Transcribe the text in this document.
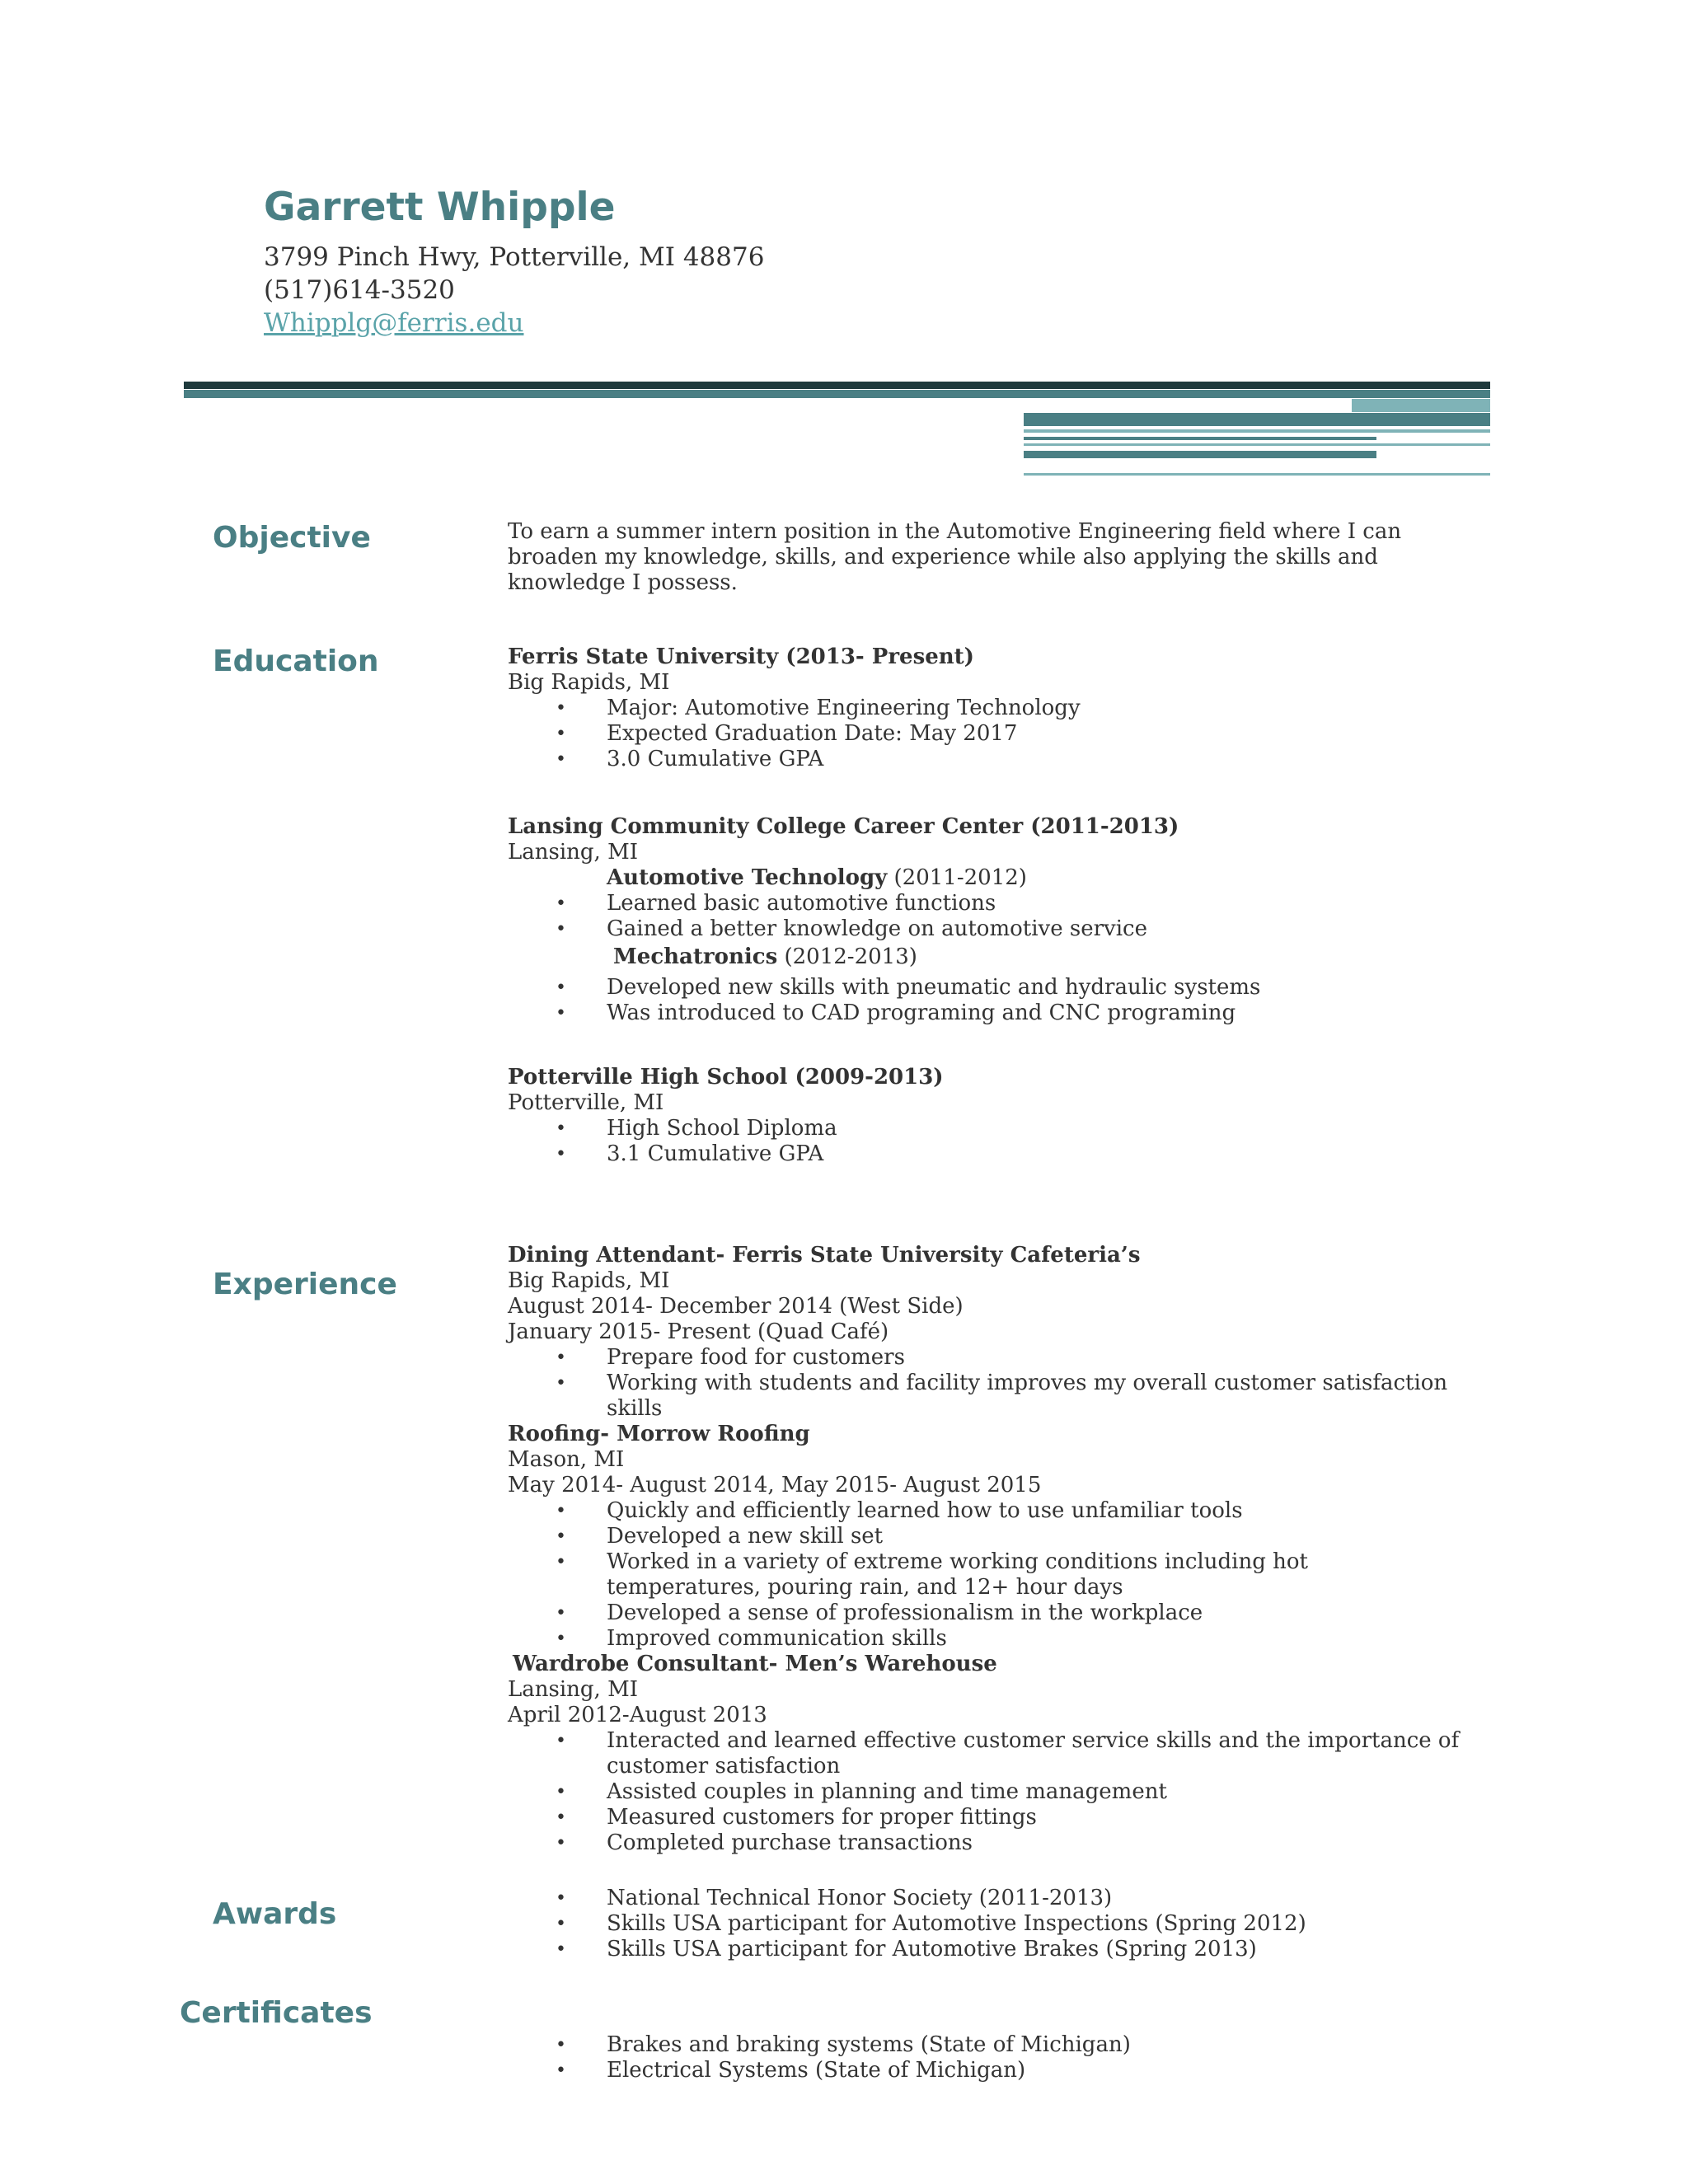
Garrett Whipple
3799 Pinch Hwy, Potterville, MI 48876
(517)614-3520
Whipplg@ferris.edu
Objective	To earn a summer intern position in the Automotive Engineering field where I can broaden my knowledge, skills, and experience while also applying the skills and knowledge I possess.

Education	Ferris State University (2013- Present)

Big Rapids, MI

• Major: Automotive Engineering Technology
• Expected Graduation Date: May 2017
• 3.0 Cumulative GPA

Lansing Community College Career Center (2011-2013)

Lansing, MI

Automotive Technology (2011-2012)

• Learned basic automotive functions
• Gained a better knowledge on automotive service

Mechatronics (2012-2013)

• Developed new skills with pneumatic and hydraulic systems
• Was introduced to CAD programing and CNC programing

Potterville High School (2009-2013)

Potterville, MI

• High School Diploma
• 3.1 Cumulative GPA
Experience

Dining Attendant- Ferris State University Cafeteria’s

Big Rapids, MI

August 2014- December 2014 (West Side)

January 2015- Present (Quad Café)

• Prepare food for customers
• Working with students and facility improves my overall customer satisfaction skills

Roofing- Morrow Roofing

Mason, MI

May 2014- August 2014, May 2015- August 2015

• Quickly and efficiently learned how to use unfamiliar tools
• Developed a new skill set
• Worked in a variety of extreme working conditions including hot temperatures, pouring rain, and 12+ hour days
• Developed a sense of professionalism in the workplace
• Improved communication skills

Wardrobe Consultant- Men’s Warehouse

Lansing, MI

April 2012-August 2013

• Interacted and learned effective customer service skills and the importance of customer satisfaction
• Assisted couples in planning and time management
• Measured customers for proper fittings
• Completed purchase transactions
Awards
•	National Technical Honor Society (2011-2013)
• Skills USA participant for Automotive Inspections (Spring 2012)
• Skills USA participant for Automotive Brakes (Spring 2013)
Certificates
• Brakes and braking systems (State of Michigan)
• Electrical Systems (State of Michigan)
